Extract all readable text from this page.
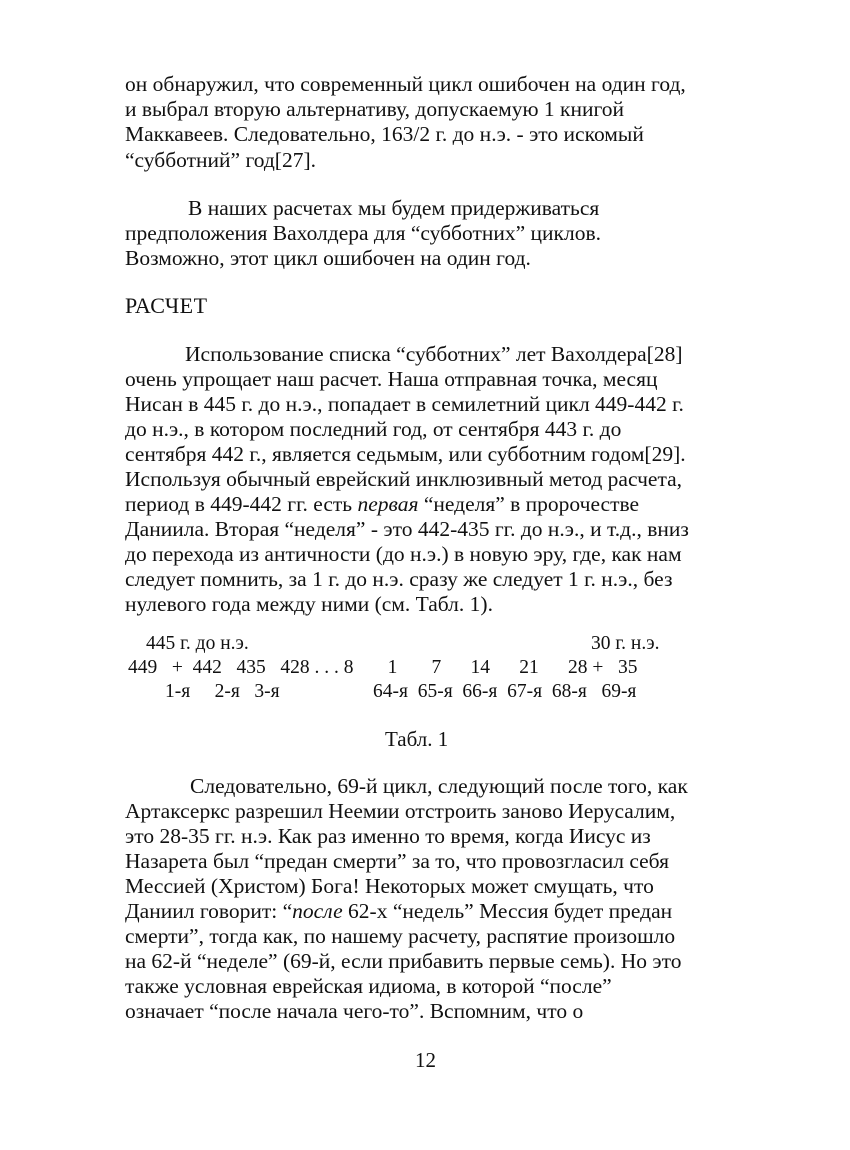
он обнаружил, что современный цикл ошибочен на один год,
и выбрал вторую альтернативу, допускаемую 1 книгой
Маккавеев. Следовательно, 163/2 г. до н.э. - это искомый
“субботний” год[27].
В наших расчетах мы будем придерживаться
предположения Вахолдера для “субботних” циклов.
Возможно, этот цикл ошибочен на один год.
РАСЧЕТ
Использование списка “субботних” лет Вахолдера[28]
очень упрощает наш расчет. Наша отправная точка, месяц
Нисан в 445 г. до н.э., попадает в семилетний цикл 449-442 г.
до н.э., в котором последний год, от сентября 443 г. до
сентября 442 г., является седьмым, или субботним годом[29].
Используя обычный еврейский инклюзивный метод расчета,
период в 449-442 гг. есть первая “неделя” в пророчестве
Даниила. Вторая “неделя” - это 442-435 гг. до н.э., и т.д., вниз
до перехода из античности (до н.э.) в новую эру, где, как нам
следует помнить, за 1 г. до н.э. сразу же следует 1 г. н.э., без
нулевого года между ними (см. Табл. 1).
445 г. до н.э.	30 г. н.э.
449   +  442   435   428 . . . 8       1       7      14      21      28 +   35
1-я     2-я   3-я	64-я  65-я  66-я  67-я  68-я   69-я
Табл. 1
Следовательно, 69-й цикл, следующий после того, как
Артаксеркс разрешил Неемии отстроить заново Иерусалим,
это 28-35 гг. н.э. Как раз именно то время, когда Иисус из
Назарета был “предан смерти” за то, что провозгласил себя
Мессией (Христом) Бога! Некоторых может смущать, что
Даниил говорит: “после 62-х “недель” Мессия будет предан
смерти”, тогда как, по нашему расчету, распятие произошло
на 62-й “неделе” (69-й, если прибавить первые семь). Но это
также условная еврейская идиома, в которой “после”
означает “после начала чего-то”. Вспомним, что о
12
